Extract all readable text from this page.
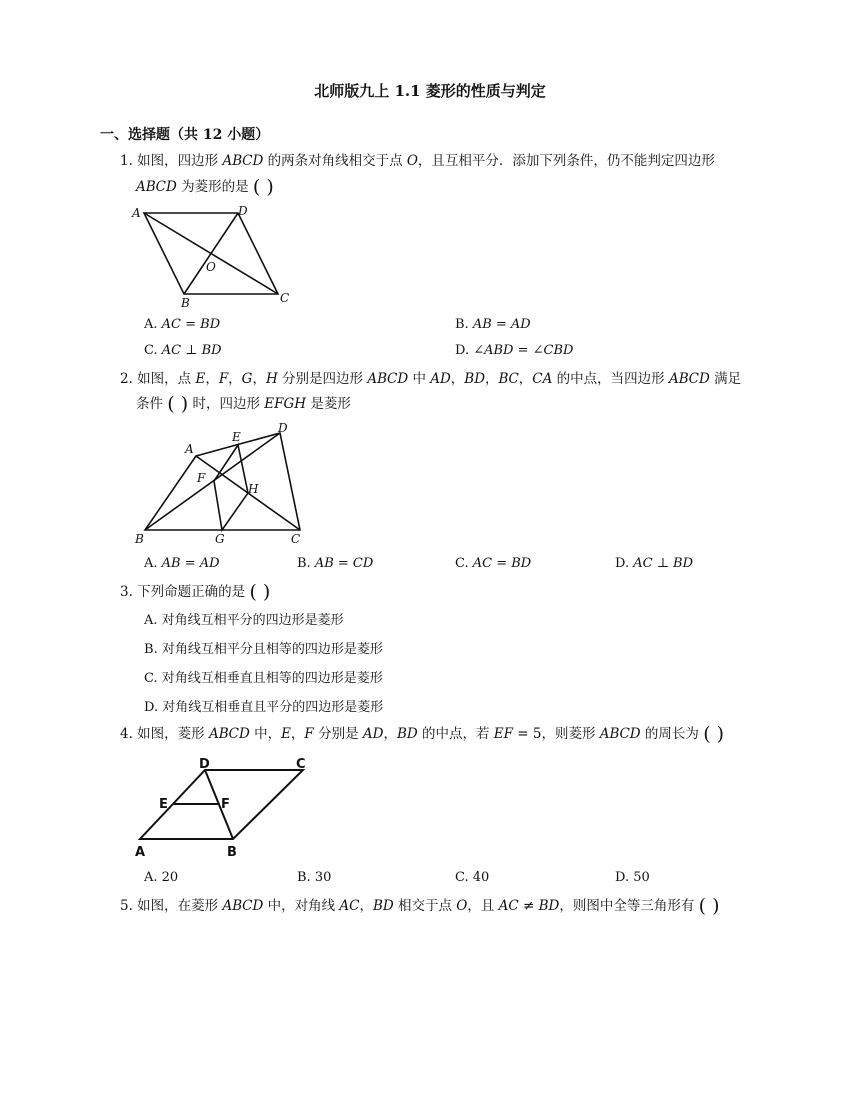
北师版九上 1.1 菱形的性质与判定
一、选择题（共 12 小题）
1. 如图，四边形 𝐴𝐵𝐶𝐷 的两条对角线相交于点 𝑂，且互相平分．添加下列条件，仍不能判定四边形
𝐴𝐵𝐶𝐷 为菱形的是 ( )
A	D
O
B	C
A. 𝐴𝐶 = 𝐵𝐷	B. 𝐴𝐵 = 𝐴𝐷
C. 𝐴𝐶 ⊥ 𝐵𝐷	D. ∠𝐴𝐵𝐷 = ∠𝐶𝐵𝐷
2. 如图，点 𝐸，𝐹，𝐺，𝐻 分别是四边形 𝐴𝐵𝐶𝐷 中 𝐴𝐷，𝐵𝐷，𝐵𝐶，𝐶𝐴 的中点，当四边形 𝐴𝐵𝐶𝐷 满足
条件 ( ) 时，四边形 𝐸𝐹𝐺𝐻 是菱形
A
E
D
F
H
B	G	C
A. 𝐴𝐵 = 𝐴𝐷	B. 𝐴𝐵 = 𝐶𝐷	C. 𝐴𝐶 = 𝐵𝐷	D. 𝐴𝐶 ⊥ 𝐵𝐷
3. 下列命题正确的是 ( )
A. 对角线互相平分的四边形是菱形
B. 对角线互相平分且相等的四边形是菱形
C. 对角线互相垂直且相等的四边形是菱形
D. 对角线互相垂直且平分的四边形是菱形
4. 如图，菱形 𝐴𝐵𝐶𝐷 中，𝐸，𝐹 分别是 𝐴𝐷，𝐵𝐷 的中点，若 𝐸𝐹 = 5，则菱形 𝐴𝐵𝐶𝐷 的周长为 ( )
D	C
E	F
A	B
A. 20	B. 30	C. 40	D. 50
5. 如图，在菱形 𝐴𝐵𝐶𝐷 中，对角线 𝐴𝐶，𝐵𝐷 相交于点 𝑂，且 𝐴𝐶 ≠ 𝐵𝐷，则图中全等三角形有 ( )
